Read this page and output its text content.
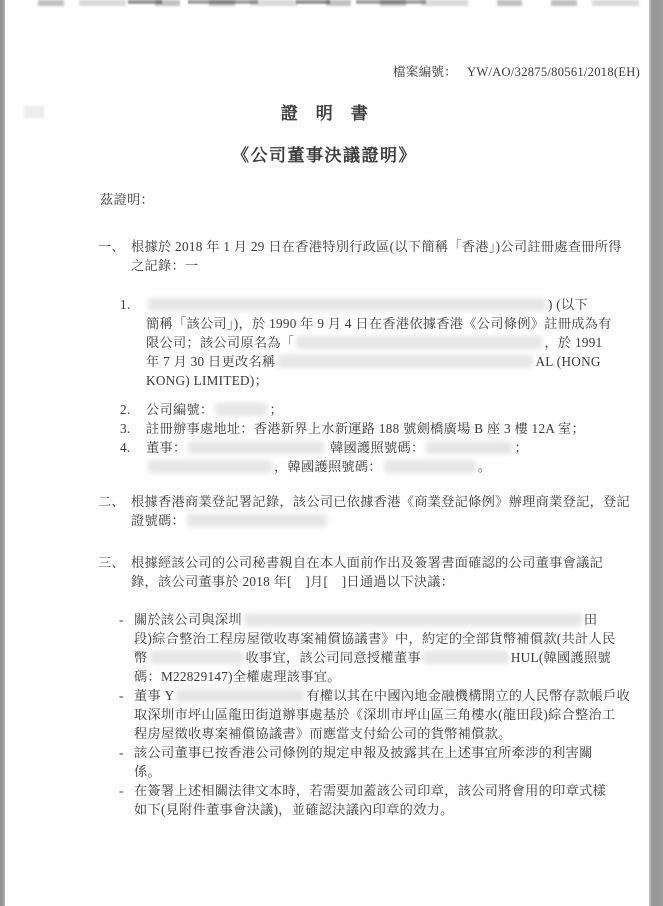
檔案編號： YW/AO/32875/80561/2018(EH)
證　明　書
《公司董事決議證明》
茲證明：
一、 根據於 2018 年 1 月 29 日在香港特別行政區(以下簡稱「香港」)公司註冊處查冊所得
之記錄：一
1.	) (以下
簡稱「該公司」)，於 1990 年 9 月 4 日在香港依據香港《公司條例》註冊成為有
限公司；該公司原名為「	，於 1991
年 7 月 30 日更改名稱	AL (HONG
KONG) LIMITED)；
2. 公司編號：	；
3. 註冊辦事處地址：香港新界上水新運路 188 號劍橋廣場 B 座 3 樓 12A 室；
4. 董事：	韓國護照號碼：	；
，韓國護照號碼：	。
二、 根據香港商業登記署記錄，該公司已依據香港《商業登記條例》辦理商業登記，登記
證號碼：
三、 根據經該公司的公司秘書親自在本人面前作出及簽署書面確認的公司董事會議記
錄，該公司董事於 2018 年[　]月[　]日通過以下決議：
- 關於該公司與深圳	田
段)綜合整治工程房屋徵收專案補償協議書》中，約定的全部貨幣補償款(共計人民
幣	收事宜，該公司同意授權董事	HUL(韓國護照號
碼：M22829147)全權處理該事宜。
- 董事 Y	有權以其在中國內地金融機構開立的人民幣存款帳戶收
取深圳市坪山區龍田街道辦事處基於《深圳市坪山區三角樓水(龍田段)綜合整治工
程房屋徵收專案補償協議書》而應當支付給公司的貨幣補償款。
- 該公司董事已按香港公司條例的規定申報及披露其在上述事宜所牽涉的利害關
係。
- 在簽署上述相關法律文本時，若需要加蓋該公司印章，該公司將會用的印章式樣
如下(見附件董事會決議)，並確認決議內印章的效力。
